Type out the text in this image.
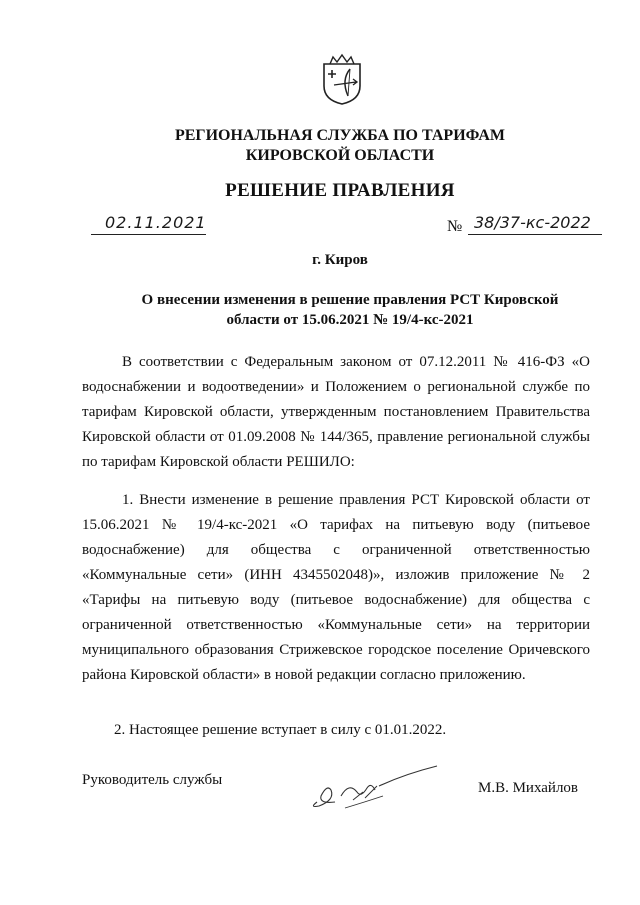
РЕГИОНАЛЬНАЯ СЛУЖБА ПО ТАРИФАМ
КИРОВСКОЙ ОБЛАСТИ
РЕШЕНИЕ ПРАВЛЕНИЯ
02.11.2021	№ 38/37-кс-2022
г. Киров
О внесении изменения в решение правления РСТ Кировской
области от 15.06.2021 № 19/4-кс-2021
В соответствии с Федеральным законом от 07.12.2011 № 416-ФЗ «О водоснабжении и водоотведении» и Положением о региональной службе по тарифам Кировской области, утвержденным постановлением Правительства Кировской области от 01.09.2008 № 144/365, правление региональной службы по тарифам Кировской области РЕШИЛО:
1. Внести изменение в решение правления РСТ Кировской области от 15.06.2021 № 19/4-кс-2021 «О тарифах на питьевую воду (питьевое водоснабжение) для общества с ограниченной ответственностью «Коммунальные сети» (ИНН 4345502048)», изложив приложение № 2 «Тарифы на питьевую воду (питьевое водоснабжение) для общества с ограниченной ответственностью «Коммунальные сети» на территории муниципального образования Стрижевское городское поселение Оричевского района Кировской области» в новой редакции согласно приложению.
2. Настоящее решение вступает в силу с 01.01.2022.
Руководитель службы	М.В. Михайлов
